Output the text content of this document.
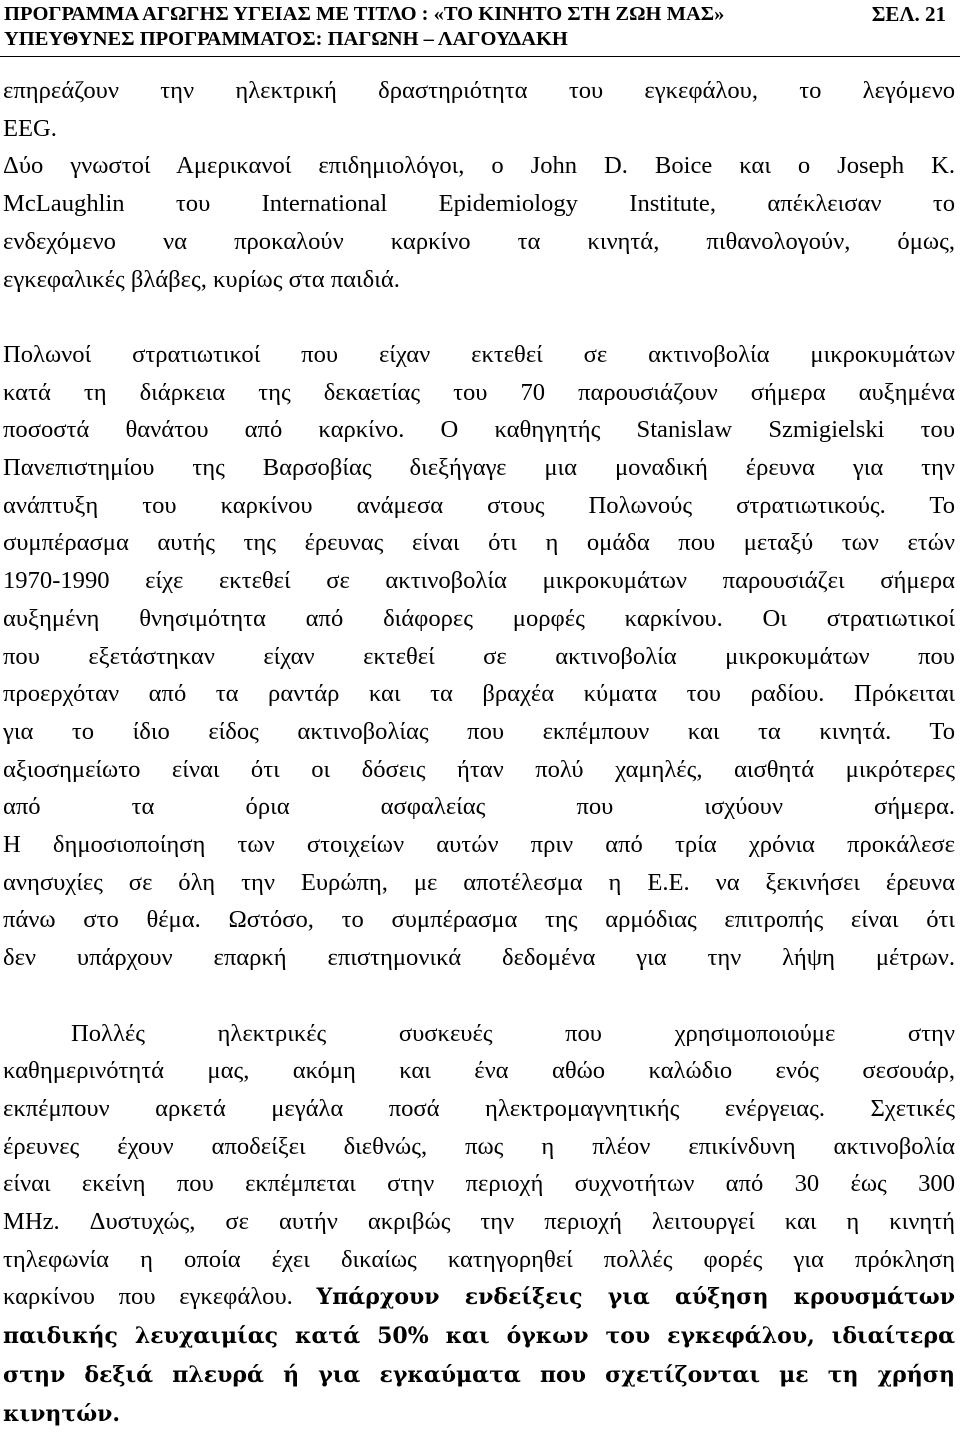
ΠΡΟΓΡΑΜΜΑ ΑΓΩΓΗΣ ΥΓΕΙΑΣ ΜΕ ΤΙΤΛΟ : «ΤΟ ΚΙΝΗΤΟ ΣΤΗ ΖΩΗ ΜΑΣ»	ΣΕΛ. 21
ΥΠΕΥΘΥΝΕΣ ΠΡΟΓΡΑΜΜΑΤΟΣ: ΠΑΓΩΝΗ – ΛΑΓΟΥΔΑΚΗ

επηρεάζουν την ηλεκτρική δραστηριότητα του εγκεφάλου, το λεγόμενο

EEG.

Δύο γνωστοί Αμερικανοί επιδημιολόγοι, ο John D. Boice και ο Joseph K.

McLaughlin του International Epidemiology Institute, απέκλεισαν το

ενδεχόμενο να προκαλούν καρκίνο τα κινητά, πιθανολογούν, όμως,

εγκεφαλικές βλάβες, κυρίως στα παιδιά.

Πολωνοί στρατιωτικοί που είχαν εκτεθεί σε ακτινοβολία μικροκυμάτων

κατά τη διάρκεια της δεκαετίας του 70 παρουσιάζουν σήμερα αυξημένα

ποσοστά θανάτου από καρκίνο. Ο καθηγητής Stanislaw Szmigielski του

Πανεπιστημίου της Βαρσοβίας διεξήγαγε μια μοναδική έρευνα για την

ανάπτυξη του καρκίνου ανάμεσα στους Πολωνούς στρατιωτικούς. Το

συμπέρασμα αυτής της έρευνας είναι ότι η ομάδα που μεταξύ των ετών

1970-1990 είχε εκτεθεί σε ακτινοβολία μικροκυμάτων παρουσιάζει σήμερα

αυξημένη θνησιμότητα από διάφορες μορφές καρκίνου. Οι στρατιωτικοί

που εξετάστηκαν είχαν εκτεθεί σε ακτινοβολία μικροκυμάτων που

προερχόταν από τα ραντάρ και τα βραχέα κύματα του ραδίου. Πρόκειται

για το ίδιο είδος ακτινοβολίας που εκπέμπουν και τα κινητά. Το

αξιοσημείωτο είναι ότι οι δόσεις ήταν πολύ χαμηλές, αισθητά μικρότερες

από τα όρια ασφαλείας που ισχύουν σήμερα.

Η δημοσιοποίηση των στοιχείων αυτών πριν από τρία χρόνια προκάλεσε

ανησυχίες σε όλη την Ευρώπη, με αποτέλεσμα η Ε.Ε. να ξεκινήσει έρευνα

πάνω στο θέμα. Ωστόσο, το συμπέρασμα της αρμόδιας επιτροπής είναι ότι

δεν υπάρχουν επαρκή επιστημονικά δεδομένα για την λήψη μέτρων.

Πολλές ηλεκτρικές συσκευές που χρησιμοποιούμε στην

καθημερινότητά μας, ακόμη και ένα αθώο καλώδιο ενός σεσουάρ,

εκπέμπουν αρκετά μεγάλα ποσά ηλεκτρομαγνητικής ενέργειας. Σχετικές

έρευνες έχουν αποδείξει διεθνώς, πως η πλέον επικίνδυνη ακτινοβολία

είναι εκείνη που εκπέμπεται στην περιοχή συχνοτήτων από 30 έως 300

MHz. Δυστυχώς, σε αυτήν ακριβώς την περιοχή λειτουργεί και η κινητή

τηλεφωνία η οποία έχει δικαίως κατηγορηθεί πολλές φορές για πρόκληση

καρκίνου που εγκεφάλου. Υπάρχουν ενδείξεις για αύξηση κρουσμάτων

παιδικής λευχαιμίας κατά 50% και όγκων του εγκεφάλου, ιδιαίτερα

στην δεξιά πλευρά ή για εγκαύματα που σχετίζονται με τη χρήση

κινητών.
